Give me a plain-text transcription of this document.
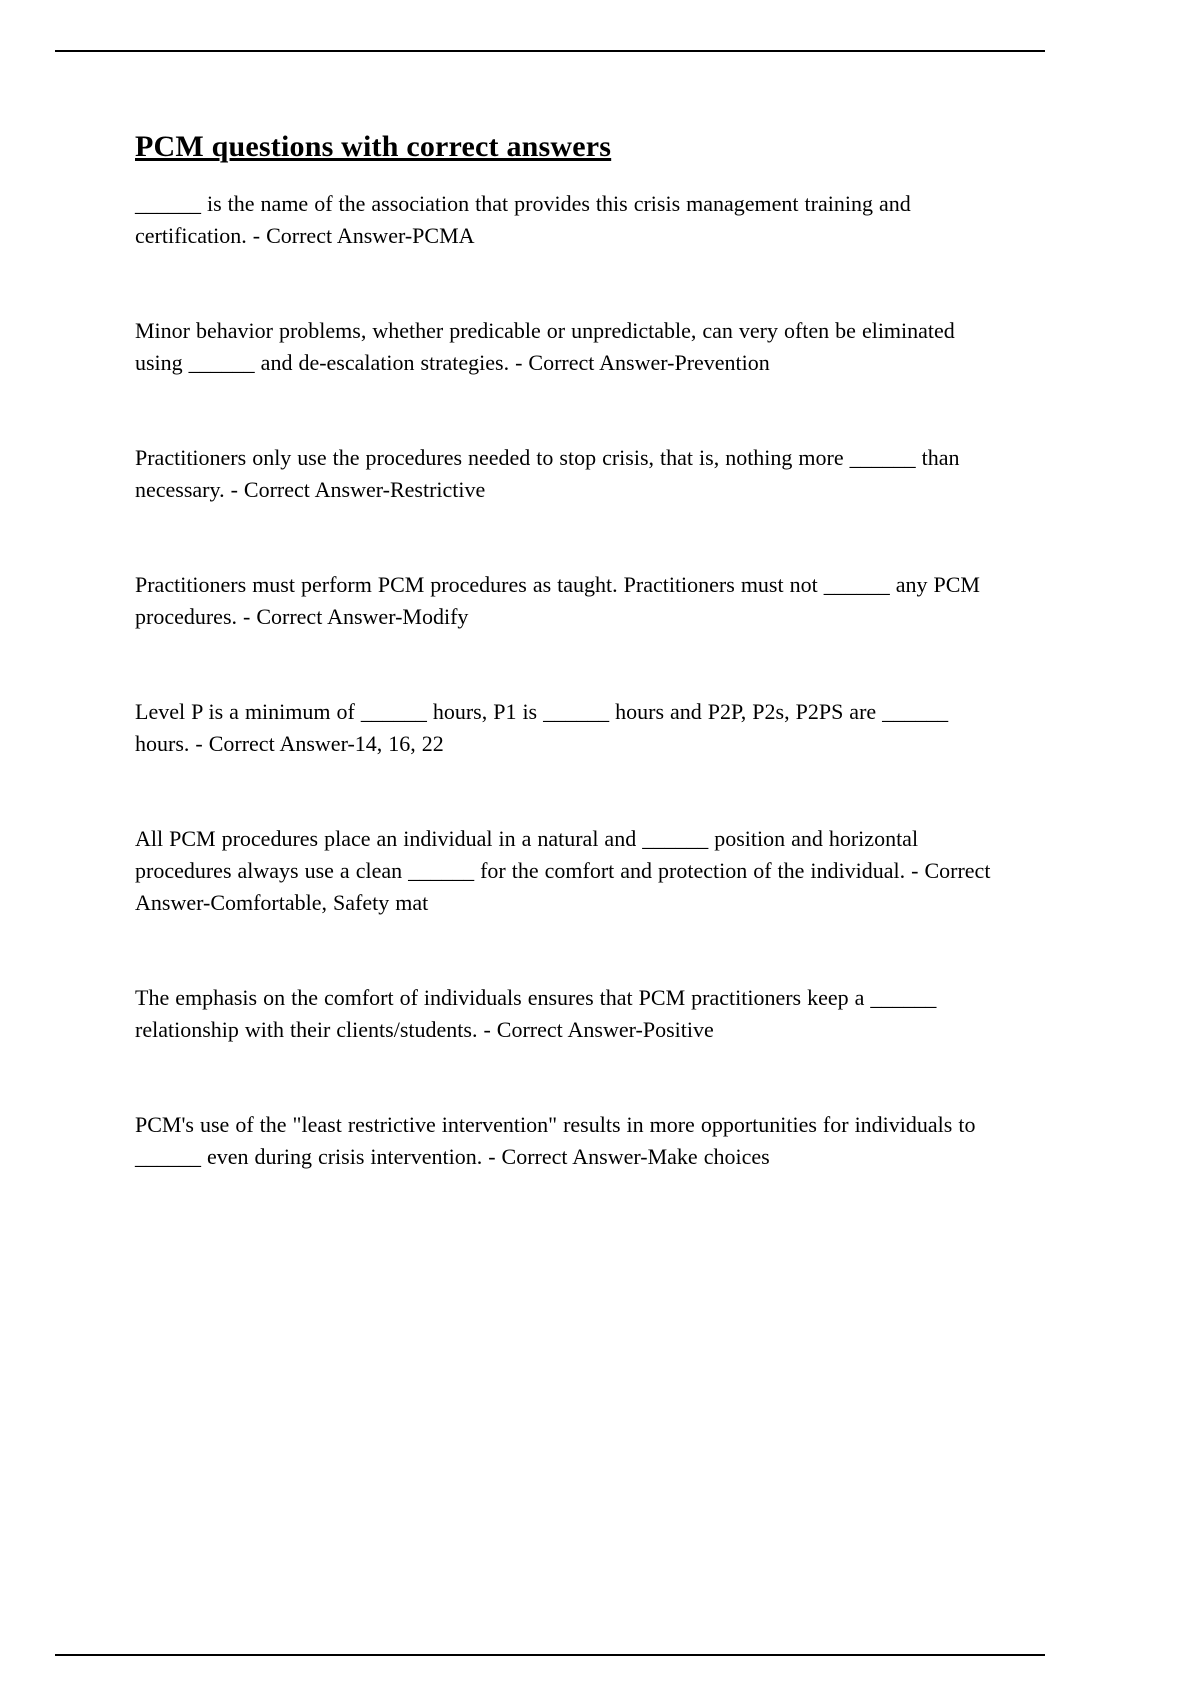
PCM questions with correct answers

______ is the name of the association that provides this crisis management training and certification. - Correct Answer-PCMA

Minor behavior problems, whether predicable or unpredictable, can very often be eliminated using ______ and de-escalation strategies. - Correct Answer-Prevention

Practitioners only use the procedures needed to stop crisis, that is, nothing more ______ than necessary. - Correct Answer-Restrictive

Practitioners must perform PCM procedures as taught. Practitioners must not ______ any PCM procedures. - Correct Answer-Modify

Level P is a minimum of ______ hours, P1 is ______ hours and P2P, P2s, P2PS are ______ hours. - Correct Answer-14, 16, 22

All PCM procedures place an individual in a natural and ______ position and horizontal procedures always use a clean ______ for the comfort and protection of the individual. - Correct Answer-Comfortable, Safety mat

The emphasis on the comfort of individuals ensures that PCM practitioners keep a ______ relationship with their clients/students. - Correct Answer-Positive

PCM's use of the "least restrictive intervention" results in more opportunities for individuals to ______ even during crisis intervention. - Correct Answer-Make choices
